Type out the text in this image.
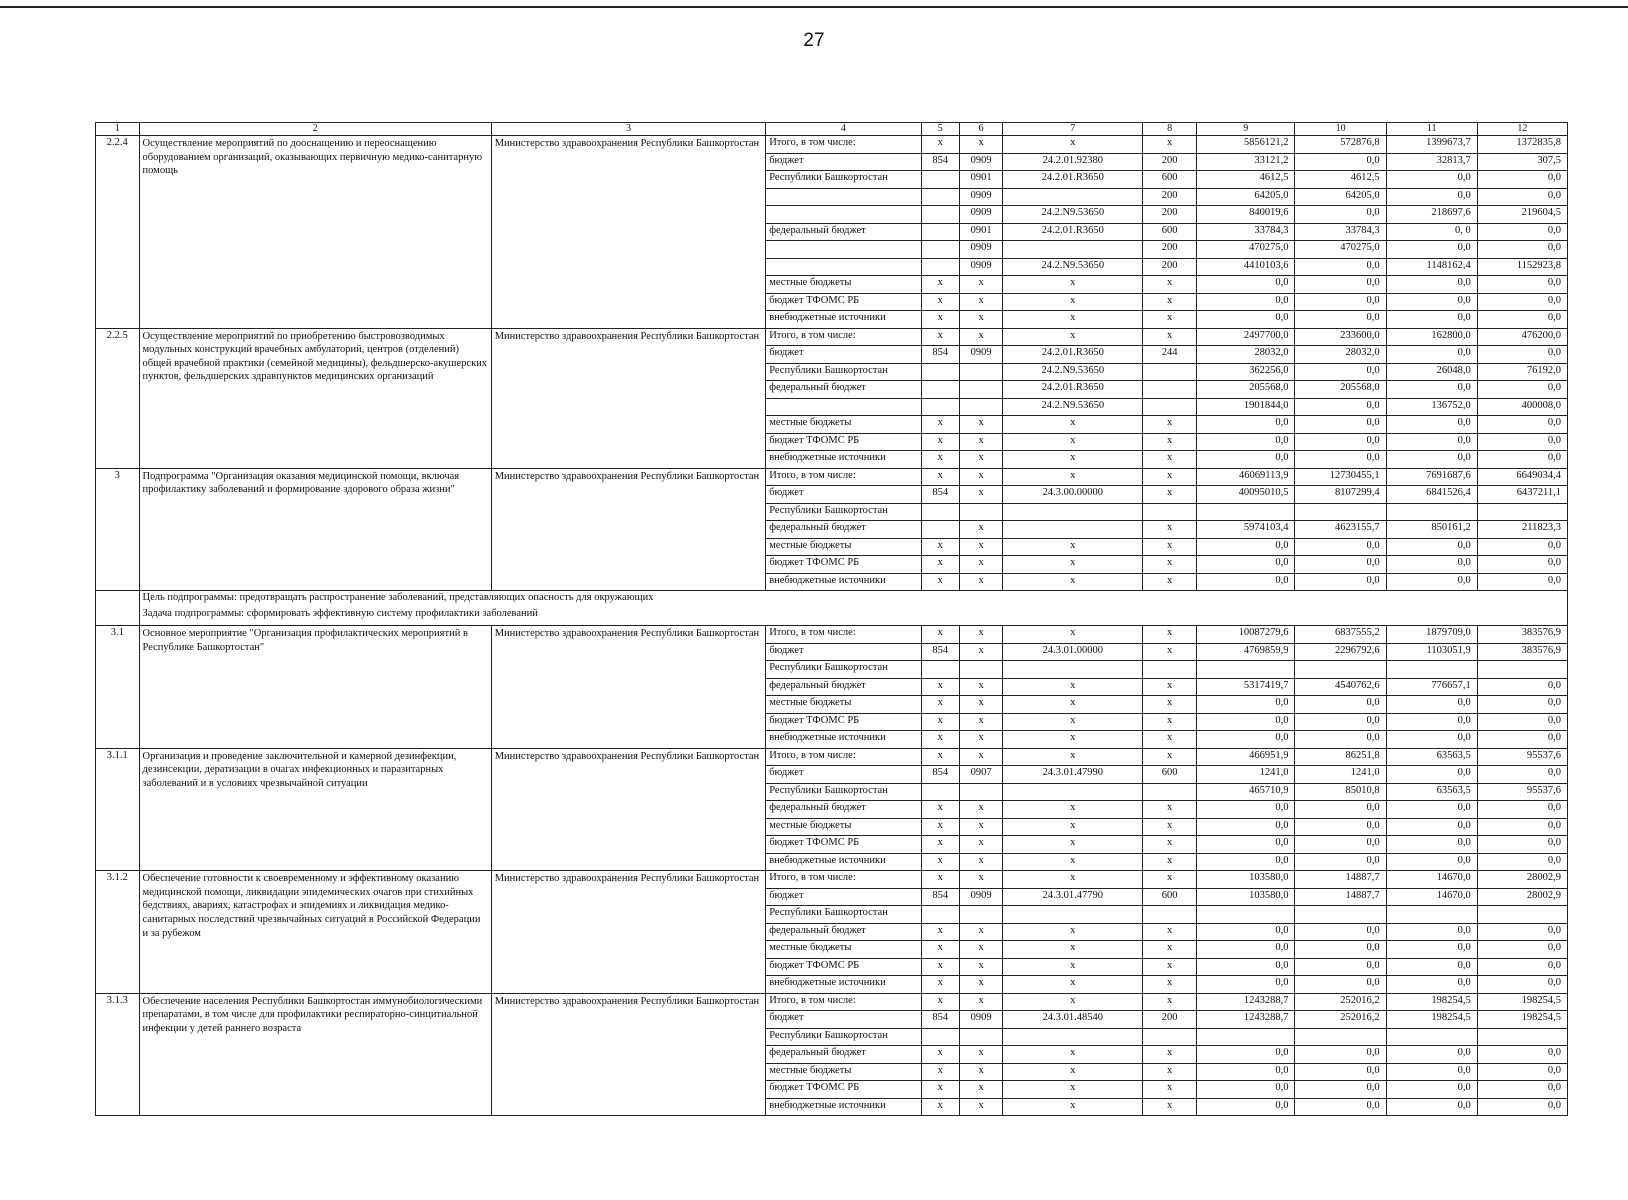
27
1	2	3	4	5	6	7	8	9	10	11	12
2.2.4	Осуществление мероприятий по дооснащению и переоснащению оборудованием организаций, оказывающих первичную медико-санитарную помощь	Министерство здравоохранения Республики Башкортостан	Итого, в том числе:	x	x	x	x	5856121,2	572876,8	1399673,7	1372835,8
			бюджет	854	0909	24.2.01.92380	200	33121,2	0,0	32813,7	307,5
			Республики Башкортостан		0901	24.2.01.R3650	600	4612,5	4612,5	0,0	0,0
					0909		200	64205,0	64205,0	0,0	0,0
					0909	24.2.N9.53650	200	840019,6	0,0	218697,6	219604,5
			федеральный бюджет		0901	24.2.01.R3650	600	33784,3	33784,3	0, 0	0,0
					0909		200	470275,0	470275,0	0,0	0,0
					0909	24.2.N9.53650	200	4410103,6	0,0	1148162,4	1152923,8
			местные бюджеты	x	x	x	x	0,0	0,0	0,0	0,0
			бюджет ТФОМС РБ	x	x	x	x	0,0	0,0	0,0	0,0
			внебюджетные источники	x	x	x	x	0,0	0,0	0,0	0,0
2.2.5	Осуществление мероприятий по приобретению быстровозводимых модульных конструкций врачебных амбулаторий, центров (отделений) общей врачебной практики (семейной медицины), фельдшерско-акушерских пунктов, фельдшерских здравпунктов медицинских организаций	Министерство здравоохранения Республики Башкортостан	Итого, в том числе:	x	x	x	x	2497700,0	233600,0	162800,0	476200,0
			бюджет	854	0909	24.2.01.R3650	244	28032,0	28032,0	0,0	0,0
			Республики Башкортостан			24.2.N9.53650		362256,0	0,0	26048,0	76192,0
			федеральный бюджет			24.2.01.R3650		205568,0	205568,0	0,0	0,0
						24.2.N9.53650		1901844,0	0,0	136752,0	400008,0
			местные бюджеты	x	x	x	x	0,0	0,0	0,0	0,0
			бюджет ТФОМС РБ	x	x	x	x	0,0	0,0	0,0	0,0
			внебюджетные источники	x	x	x	x	0,0	0,0	0,0	0,0
3	Подпрограмма "Организация оказания медицинской помощи, включая профилактику заболеваний и формирование здорового образа жизни"	Министерство здравоохранения Республики Башкортостан	Итого, в том числе:	x	x	x	x	46069113,9	12730455,1	7691687,6	6649034,4
			бюджет	854	x	24.3.00.00000	x	40095010,5	8107299,4	6841526,4	6437211,1
			Республики Башкортостан								
			федеральный бюджет		x		x	5974103,4	4623155,7	850161,2	211823,3
			местные бюджеты	x	x	x	x	0,0	0,0	0,0	0,0
			бюджет ТФОМС РБ	x	x	x	x	0,0	0,0	0,0	0,0
			внебюджетные источники	x	x	x	x	0,0	0,0	0,0	0,0

	Цель подпрограммы: предотвращать распространение заболеваний, представляющих опасность для окружающих
Задача подпрограммы: сформировать эффективную систему профилактики заболеваний										

3.1	Основное мероприятие "Организация профилактических мероприятий в Республике Башкортостан"	Министерство здравоохранения Республики Башкортостан	Итого, в том числе:	x	x	x	x	10087279,6	6837555,2	1879709,0	383576,9
			бюджет	854	x	24.3.01.00000	x	4769859,9	2296792,6	1103051,9	383576,9
			Республики Башкортостан								
			федеральный бюджет	x	x	x	x	5317419,7	4540762,6	776657,1	0,0
			местные бюджеты	x	x	x	x	0,0	0,0	0,0	0,0
			бюджет ТФОМС РБ	x	x	x	x	0,0	0,0	0,0	0,0
			внебюджетные источники	x	x	x	x	0,0	0,0	0,0	0,0
3.1.1	Организация и проведение заключительной и камерной дезинфекции, дезинсекции, дератизации в очагах инфекционных и паразитарных заболеваний и в условиях чрезвычайной ситуации	Министерство здравоохранения Республики Башкортостан	Итого, в том числе:	x	x	x	x	466951,9	86251,8	63563,5	95537,6
			бюджет	854	0907	24.3.01.47990	600	1241,0	1241,0	0,0	0,0
			Республики Башкортостан					465710,9	85010,8	63563,5	95537,6
			федеральный бюджет	x	x	x	x	0,0	0,0	0,0	0,0
			местные бюджеты	x	x	x	x	0,0	0,0	0,0	0,0
			бюджет ТФОМС РБ	x	x	x	x	0,0	0,0	0,0	0,0
			внебюджетные источники	x	x	x	x	0,0	0,0	0,0	0,0
3.1.2	Обеспечение готовности к своевременному и эффективному оказанию медицинской помощи, ликвидации эпидемических очагов при стихийных бедствиях, авариях, катастрофах и эпидемиях и ликвидация медико-санитарных последствий чрезвычайных ситуаций в Российской Федерации и за рубежом	Министерство здравоохранения Республики Башкортостан	Итого, в том числе:	x	x	x	x	103580,0	14887,7	14670,0	28002,9
			бюджет	854	0909	24.3.01.47790	600	103580,0	14887,7	14670,0	28002,9
			Республики Башкортостан								
			федеральный бюджет	x	x	x	x	0,0	0,0	0,0	0,0
			местные бюджеты	x	x	x	x	0,0	0,0	0,0	0,0
			бюджет ТФОМС РБ	x	x	x	x	0,0	0,0	0,0	0,0
			внебюджетные источники	x	x	x	x	0,0	0,0	0,0	0,0
3.1.3	Обеспечение населения Республики Башкортостан иммунобиологическими препаратами, в том числе для профилактики респираторно-синцитиальной инфекции у детей раннего возраста	Министерство здравоохранения Республики Башкортостан	Итого, в том числе:	x	x	x	x	1243288,7	252016,2	198254,5	198254,5
			бюджет	854	0909	24.3.01.48540	200	1243288,7	252016,2	198254,5	198254,5
			Республики Башкортостан								
			федеральный бюджет	x	x	x	x	0,0	0,0	0,0	0,0
			местные бюджеты	x	x	x	x	0,0	0,0	0,0	0,0
			бюджет ТФОМС РБ	x	x	x	x	0,0	0,0	0,0	0,0
			внебюджетные источники	x	x	x	x	0,0	0,0	0,0	0,0
